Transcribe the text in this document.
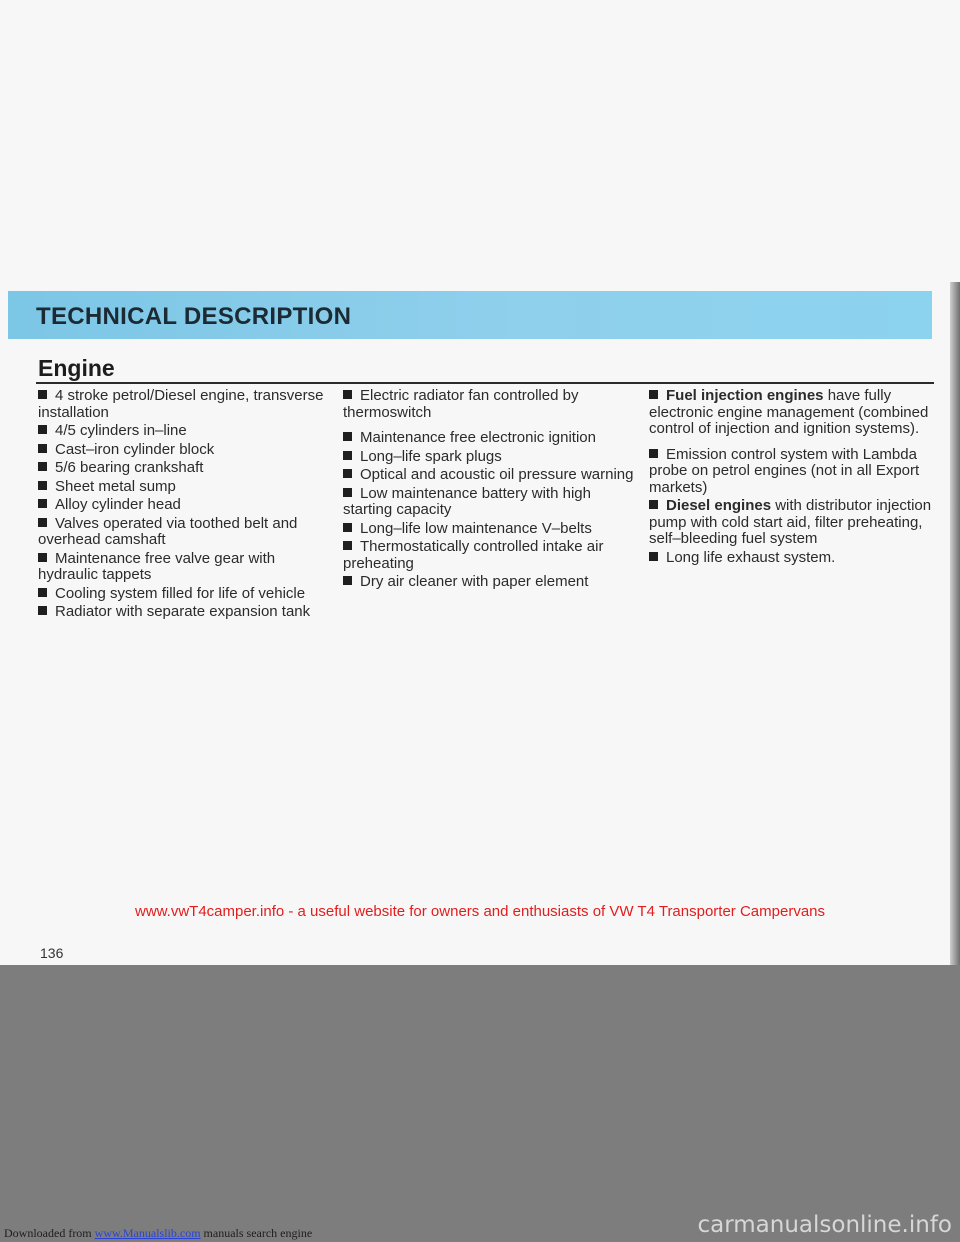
TECHNICAL DESCRIPTION
Engine
4 stroke petrol/Diesel engine, transverse installation
4/5 cylinders in–line
Cast–iron cylinder block
5/6 bearing crankshaft
Sheet metal sump
Alloy cylinder head
Valves operated via toothed belt and overhead camshaft
Maintenance free valve gear with hydraulic tappets
Cooling system filled for life of vehicle
Radiator with separate expansion tank
Electric radiator fan controlled by thermoswitch
Maintenance free electronic ignition
Long–life spark plugs
Optical and acoustic oil pressure warning
Low maintenance battery with high starting capacity
Long–life low maintenance V–belts
Thermostatically controlled intake air preheating
Dry air cleaner with paper element
Fuel injection engines have fully electronic engine management (combined control of injection and ignition systems).
Emission control system with Lambda probe on petrol engines (not in all Export markets)
Diesel engines with distributor injection pump with cold start aid, filter preheating, self–bleeding fuel system
Long life exhaust system.
www.vwT4camper.info - a useful website for owners and enthusiasts of VW T4 Transporter Campervans
136
Downloaded from www.Manualslib.com manuals search engine	carmanualsonline.info
